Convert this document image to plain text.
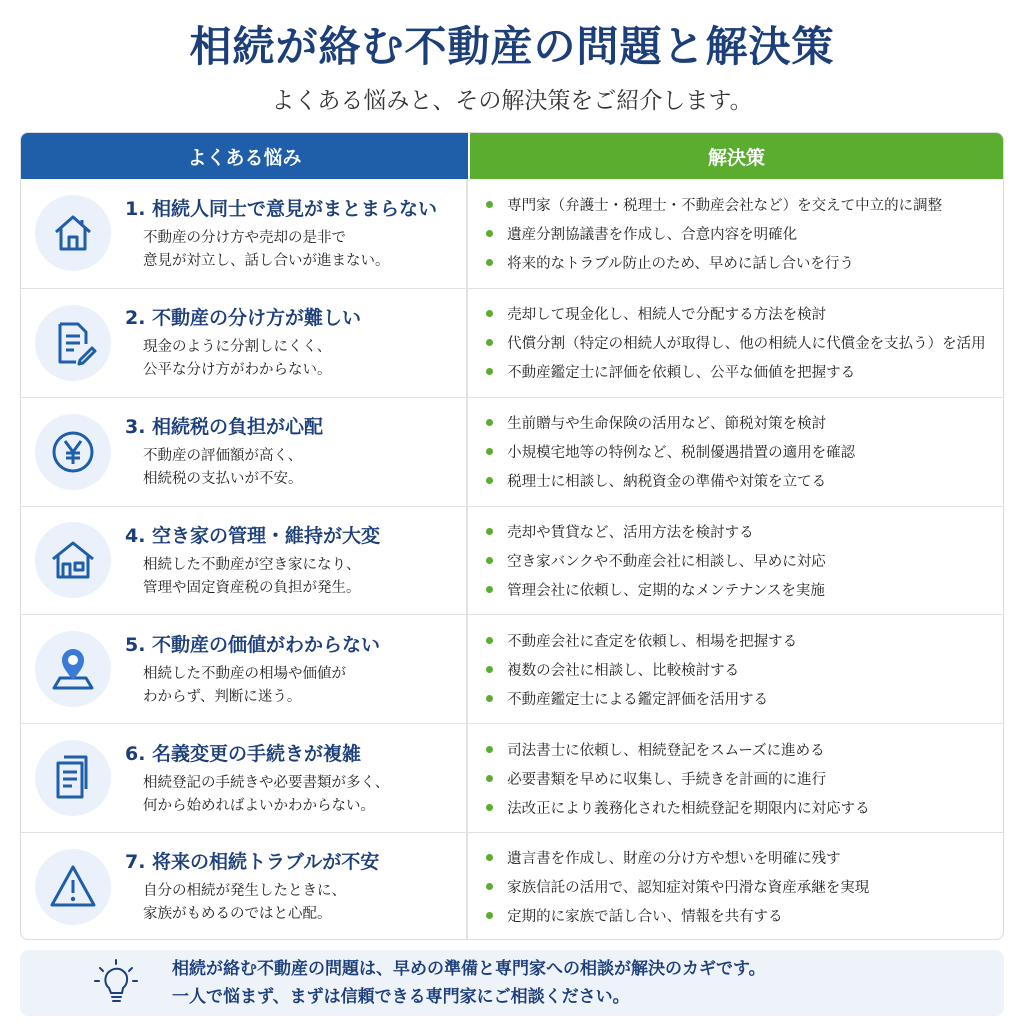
相続が絡む不動産の問題と解決策
よくある悩みと、その解決策をご紹介します。
よくある悩み	解決策
1. 相続人同士で意見がまとまらない
不動産の分け方や売却の是非で
意見が対立し、話し合いが進まない。
専門家（弁護士・税理士・不動産会社など）を交えて中立的に調整
遺産分割協議書を作成し、合意内容を明確化
将来的なトラブル防止のため、早めに話し合いを行う
2. 不動産の分け方が難しい
現金のように分割しにくく、
公平な分け方がわからない。
売却して現金化し、相続人で分配する方法を検討
代償分割（特定の相続人が取得し、他の相続人に代償金を支払う）を活用
不動産鑑定士に評価を依頼し、公平な価値を把握する
3. 相続税の負担が心配
不動産の評価額が高く、
相続税の支払いが不安。
生前贈与や生命保険の活用など、節税対策を検討
小規模宅地等の特例など、税制優遇措置の適用を確認
税理士に相談し、納税資金の準備や対策を立てる
4. 空き家の管理・維持が大変
相続した不動産が空き家になり、
管理や固定資産税の負担が発生。
売却や賃貸など、活用方法を検討する
空き家バンクや不動産会社に相談し、早めに対応
管理会社に依頼し、定期的なメンテナンスを実施
5. 不動産の価値がわからない
相続した不動産の相場や価値が
わからず、判断に迷う。
不動産会社に査定を依頼し、相場を把握する
複数の会社に相談し、比較検討する
不動産鑑定士による鑑定評価を活用する
6. 名義変更の手続きが複雑
相続登記の手続きや必要書類が多く、
何から始めればよいかわからない。
司法書士に依頼し、相続登記をスムーズに進める
必要書類を早めに収集し、手続きを計画的に進行
法改正により義務化された相続登記を期限内に対応する
7. 将来の相続トラブルが不安
自分の相続が発生したときに、
家族がもめるのではと心配。
遺言書を作成し、財産の分け方や想いを明確に残す
家族信託の活用で、認知症対策や円滑な資産承継を実現
定期的に家族で話し合い、情報を共有する
相続が絡む不動産の問題は、早めの準備と専門家への相談が解決のカギです。
一人で悩まず、まずは信頼できる専門家にご相談ください。
